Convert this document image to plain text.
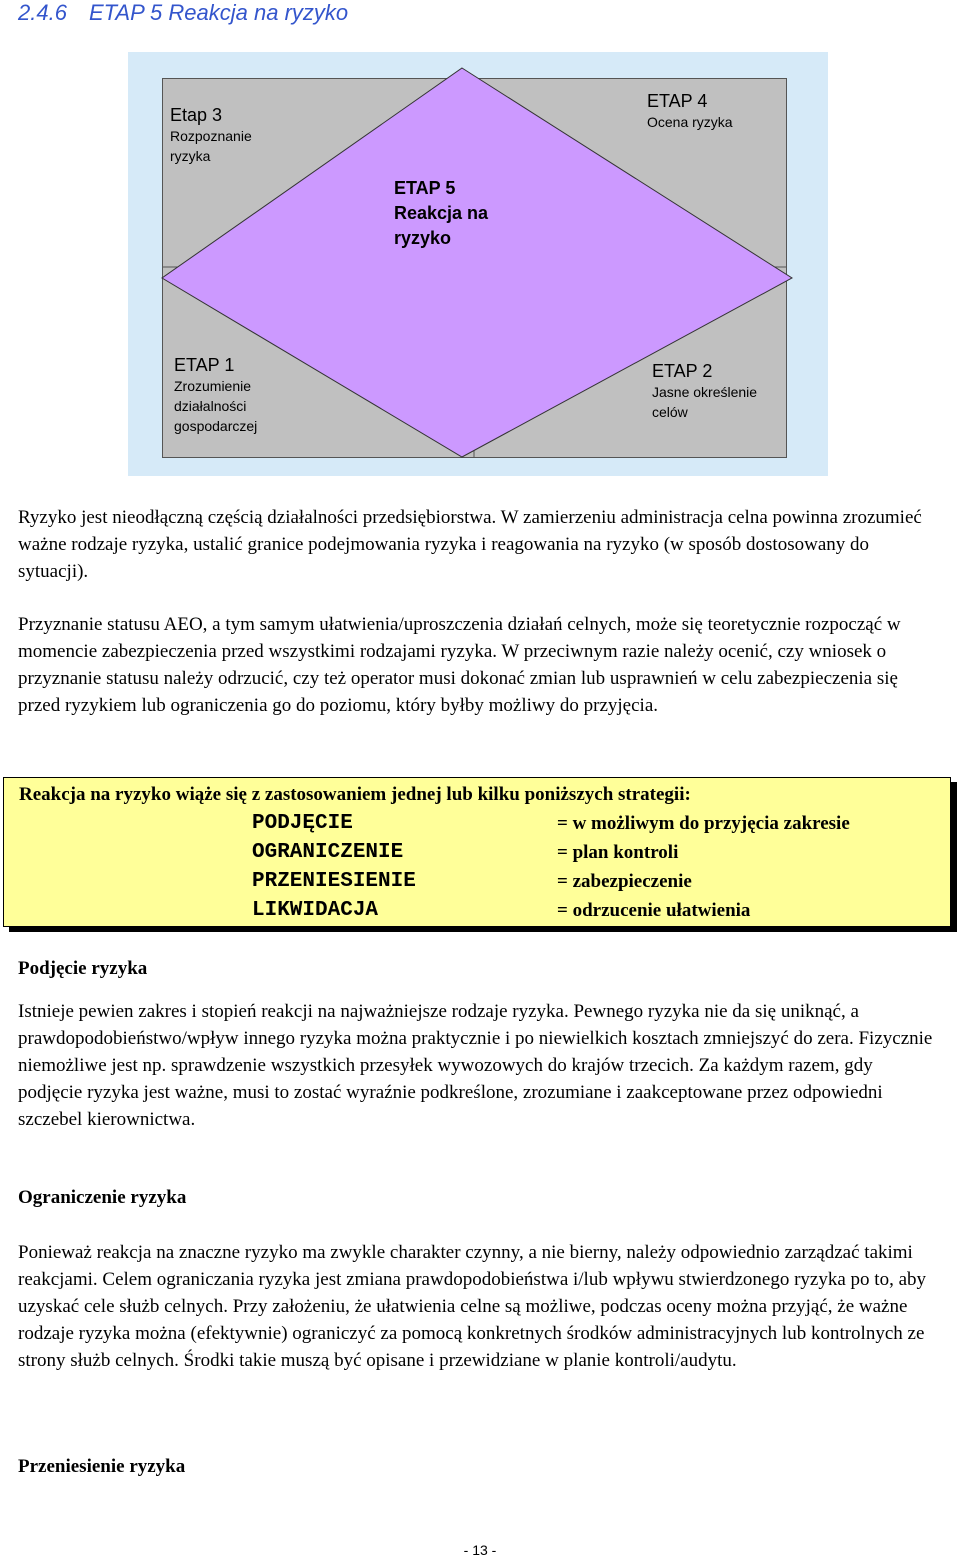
2.4.6 ETAP 5 Reakcja na ryzyko
Etap 3
Rozpoznanie
ryzyka
ETAP 4
Ocena ryzyka
ETAP 5
Reakcja na
ryzyko
ETAP 1
Zrozumienie
działalności
gospodarczej
ETAP 2
Jasne określenie
celów
Ryzyko jest nieodłączną częścią działalności przedsiębiorstwa. W zamierzeniu administracja celna powinna zrozumieć ważne rodzaje ryzyka, ustalić granice podejmowania ryzyka i reagowania na ryzyko (w sposób dostosowany do sytuacji).
Przyznanie statusu AEO, a tym samym ułatwienia/uproszczenia działań celnych, może się teoretycznie rozpocząć w momencie zabezpieczenia przed wszystkimi rodzajami ryzyka. W przeciwnym razie należy ocenić, czy wniosek o przyznanie statusu należy odrzucić, czy też operator musi dokonać zmian lub usprawnień w celu zabezpieczenia się przed ryzykiem lub ograniczenia go do poziomu, który byłby możliwy do przyjęcia.
Reakcja na ryzyko wiąże się z zastosowaniem jednej lub kilku poniższych strategii:
PODJĘCIE	= w możliwym do przyjęcia zakresie
OGRANICZENIE	= plan kontroli
PRZENIESIENIE	= zabezpieczenie
LIKWIDACJA	= odrzucenie ułatwienia
Podjęcie ryzyka
Istnieje pewien zakres i stopień reakcji na najważniejsze rodzaje ryzyka. Pewnego ryzyka nie da się uniknąć, a prawdopodobieństwo/wpływ innego ryzyka można praktycznie i po niewielkich kosztach zmniejszyć do zera. Fizycznie niemożliwe jest np. sprawdzenie wszystkich przesyłek wywozowych do krajów trzecich. Za każdym razem, gdy podjęcie ryzyka jest ważne, musi to zostać wyraźnie podkreślone, zrozumiane i zaakceptowane przez odpowiedni szczebel kierownictwa.
Ograniczenie ryzyka
Ponieważ reakcja na znaczne ryzyko ma zwykle charakter czynny, a nie bierny, należy odpowiednio zarządzać takimi reakcjami. Celem ograniczania ryzyka jest zmiana prawdopodobieństwa i/lub wpływu stwierdzonego ryzyka po to, aby uzyskać cele służb celnych. Przy założeniu, że ułatwienia celne są możliwe, podczas oceny można przyjąć, że ważne rodzaje ryzyka można (efektywnie) ograniczyć za pomocą konkretnych środków administracyjnych lub kontrolnych ze strony służb celnych. Środki takie muszą być opisane i przewidziane w planie kontroli/audytu.
Przeniesienie ryzyka
- 13 -
